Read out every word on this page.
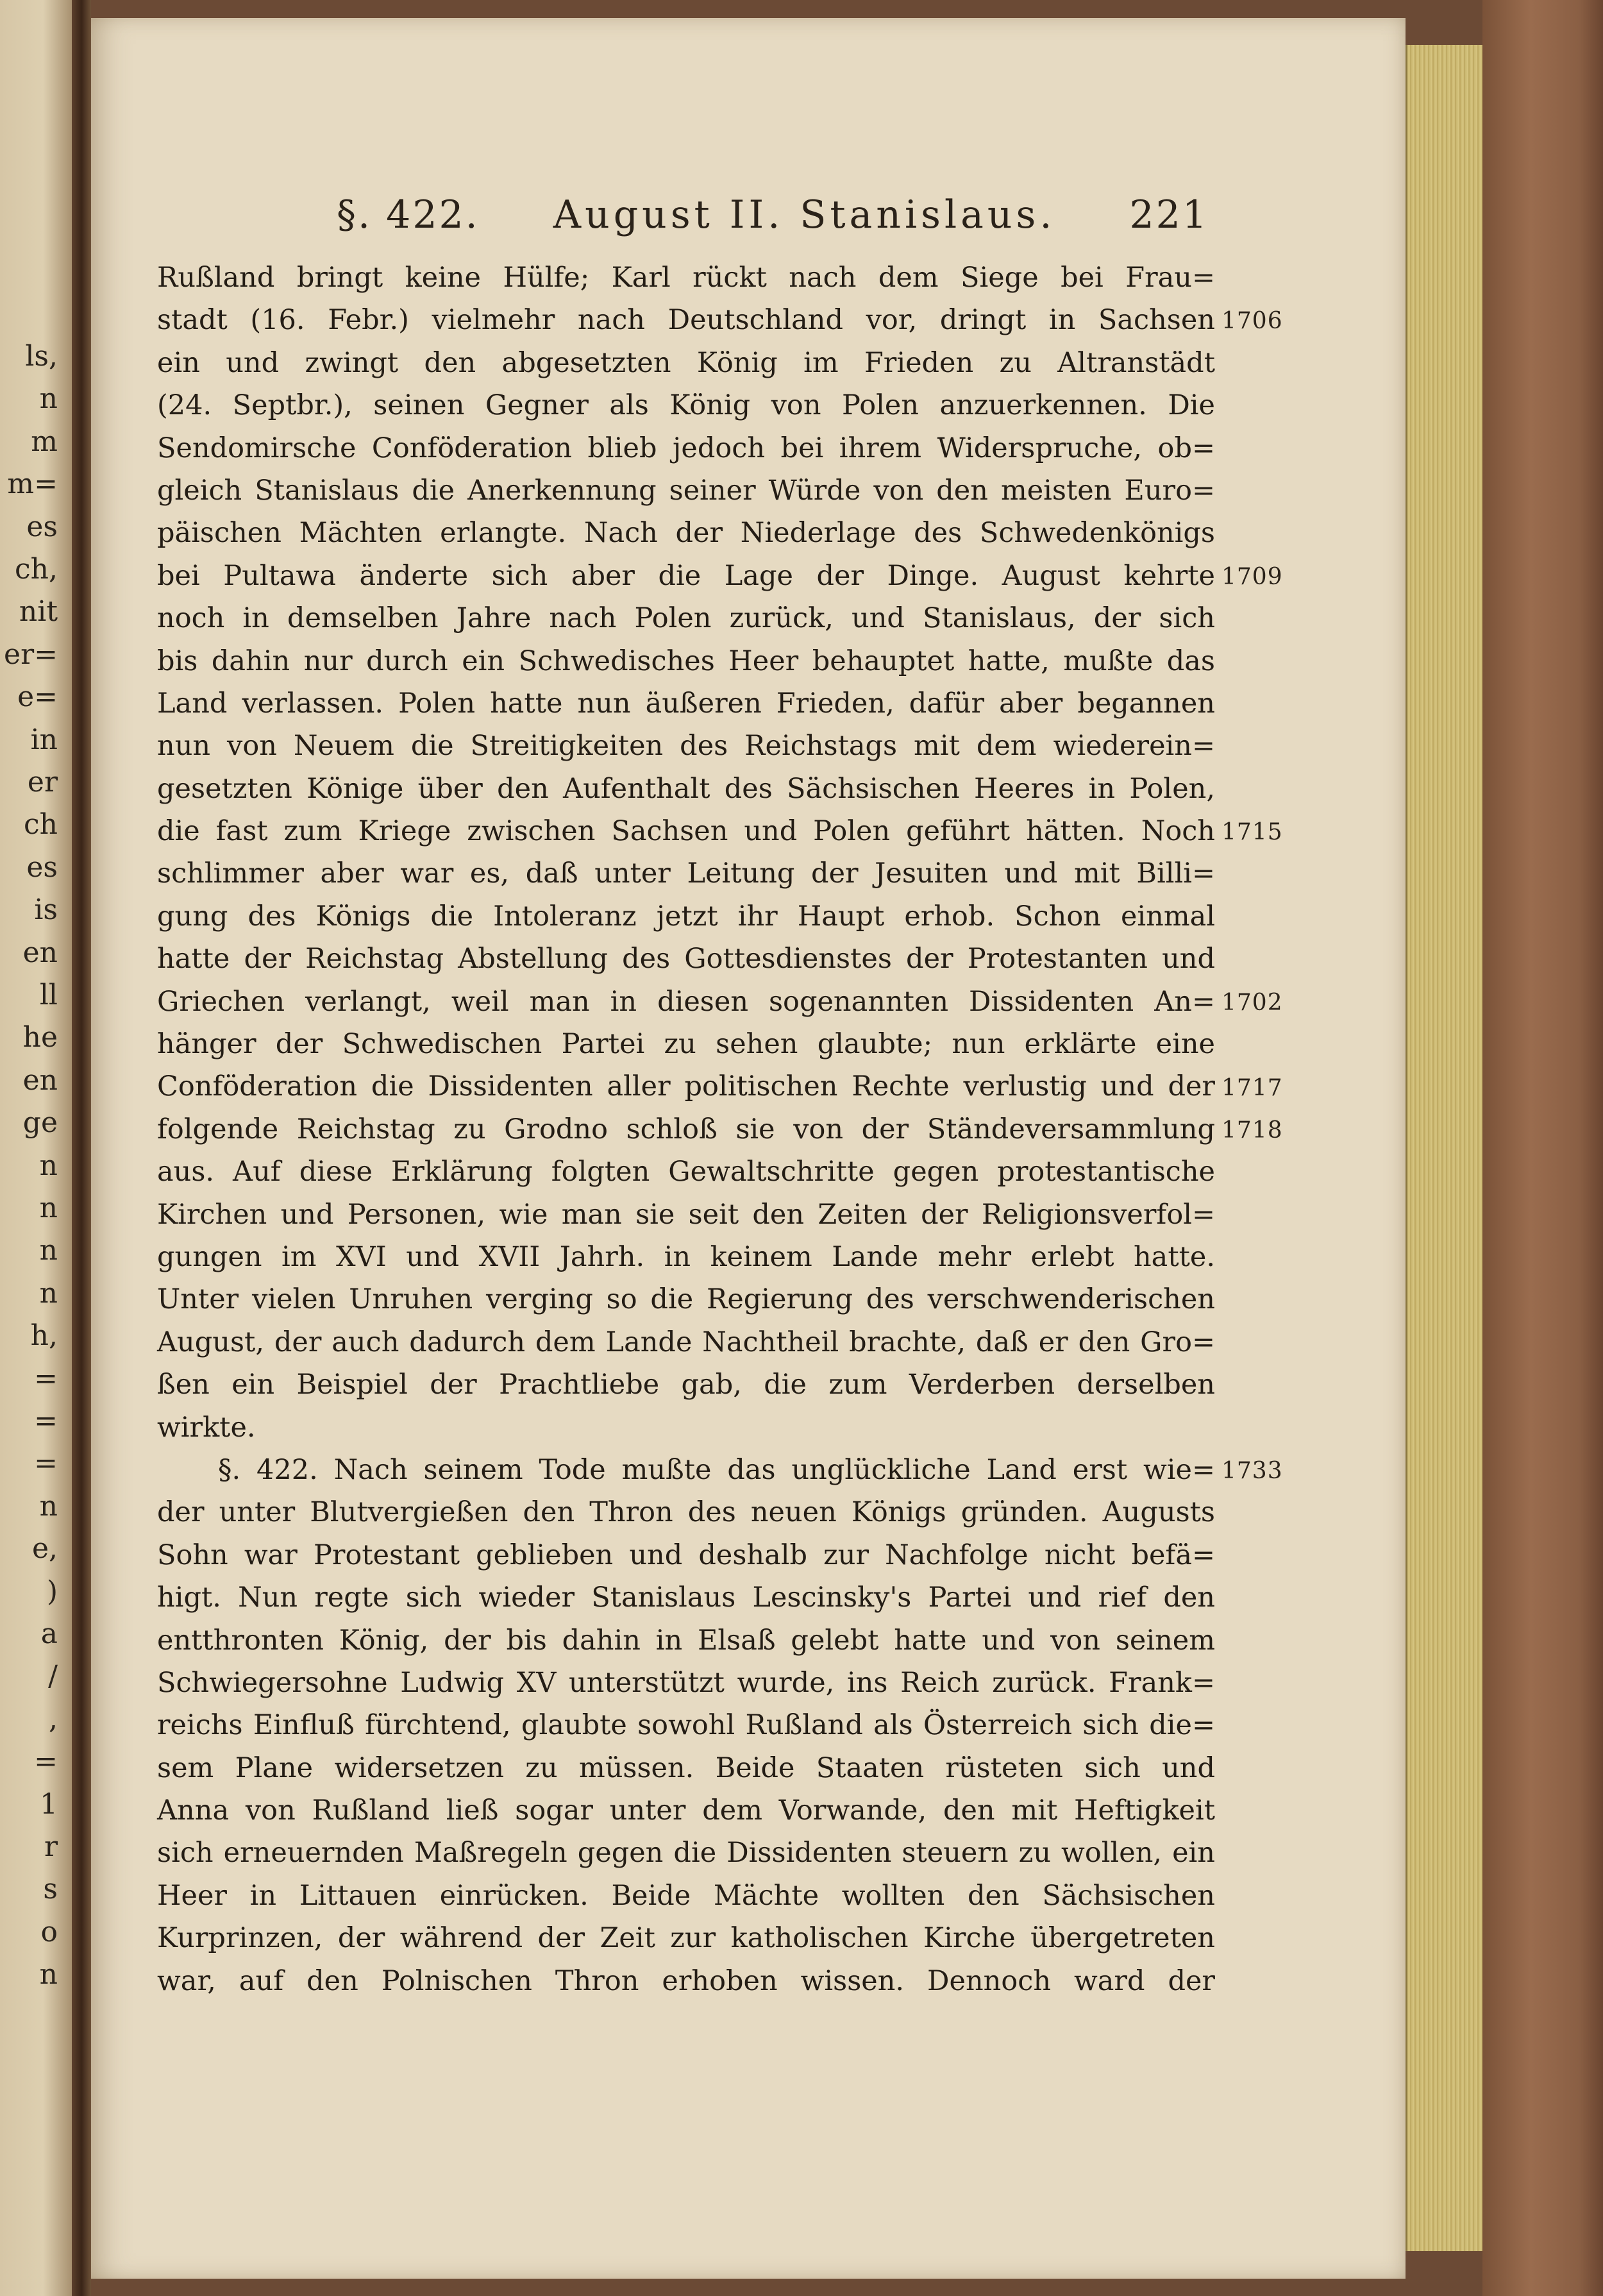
ls,
n
m
m=
es
ch,
nit
er=
e=
in
er
ch
es
is
en
ll
he
en
ge
n
n
n
n
h,
=
=
=
n
e,
)
a
/
,
=
1
r
s
o
n
§. 422. August II. Stanislaus. 221
Rußland bringt keine Hülfe; Karl rückt nach dem Siege bei Frau=
stadt (16. Febr.) vielmehr nach Deutschland vor, dringt in Sachsen
ein und zwingt den abgesetzten König im Frieden zu Altranstädt
(24. Septbr.), seinen Gegner als König von Polen anzuerkennen. Die
Sendomirsche Conföderation blieb jedoch bei ihrem Widerspruche, ob=
gleich Stanislaus die Anerkennung seiner Würde von den meisten Euro=
päischen Mächten erlangte. Nach der Niederlage des Schwedenkönigs
bei Pultawa änderte sich aber die Lage der Dinge. August kehrte
noch in demselben Jahre nach Polen zurück, und Stanislaus, der sich
bis dahin nur durch ein Schwedisches Heer behauptet hatte, mußte das
Land verlassen. Polen hatte nun äußeren Frieden, dafür aber begannen
nun von Neuem die Streitigkeiten des Reichstags mit dem wiederein=
gesetzten Könige über den Aufenthalt des Sächsischen Heeres in Polen,
die fast zum Kriege zwischen Sachsen und Polen geführt hätten. Noch
schlimmer aber war es, daß unter Leitung der Jesuiten und mit Billi=
gung des Königs die Intoleranz jetzt ihr Haupt erhob. Schon einmal
hatte der Reichstag Abstellung des Gottesdienstes der Protestanten und
Griechen verlangt, weil man in diesen sogenannten Dissidenten An=
hänger der Schwedischen Partei zu sehen glaubte; nun erklärte eine
Conföderation die Dissidenten aller politischen Rechte verlustig und der
folgende Reichstag zu Grodno schloß sie von der Ständeversammlung
aus. Auf diese Erklärung folgten Gewaltschritte gegen protestantische
Kirchen und Personen, wie man sie seit den Zeiten der Religionsverfol=
gungen im XVI und XVII Jahrh. in keinem Lande mehr erlebt hatte.
Unter vielen Unruhen verging so die Regierung des verschwenderischen
August, der auch dadurch dem Lande Nachtheil brachte, daß er den Gro=
ßen ein Beispiel der Prachtliebe gab, die zum Verderben derselben
wirkte.
§. 422. Nach seinem Tode mußte das unglückliche Land erst wie=
der unter Blutvergießen den Thron des neuen Königs gründen. Augusts
Sohn war Protestant geblieben und deshalb zur Nachfolge nicht befä=
higt. Nun regte sich wieder Stanislaus Lescinsky's Partei und rief den
entthronten König, der bis dahin in Elsaß gelebt hatte und von seinem
Schwiegersohne Ludwig XV unterstützt wurde, ins Reich zurück. Frank=
reichs Einfluß fürchtend, glaubte sowohl Rußland als Österreich sich die=
sem Plane widersetzen zu müssen. Beide Staaten rüsteten sich und
Anna von Rußland ließ sogar unter dem Vorwande, den mit Heftigkeit
sich erneuernden Maßregeln gegen die Dissidenten steuern zu wollen, ein
Heer in Littauen einrücken. Beide Mächte wollten den Sächsischen
Kurprinzen, der während der Zeit zur katholischen Kirche übergetreten
war, auf den Polnischen Thron erhoben wissen. Dennoch ward der
1706
1709
1715
1702
1717
1718
1733
